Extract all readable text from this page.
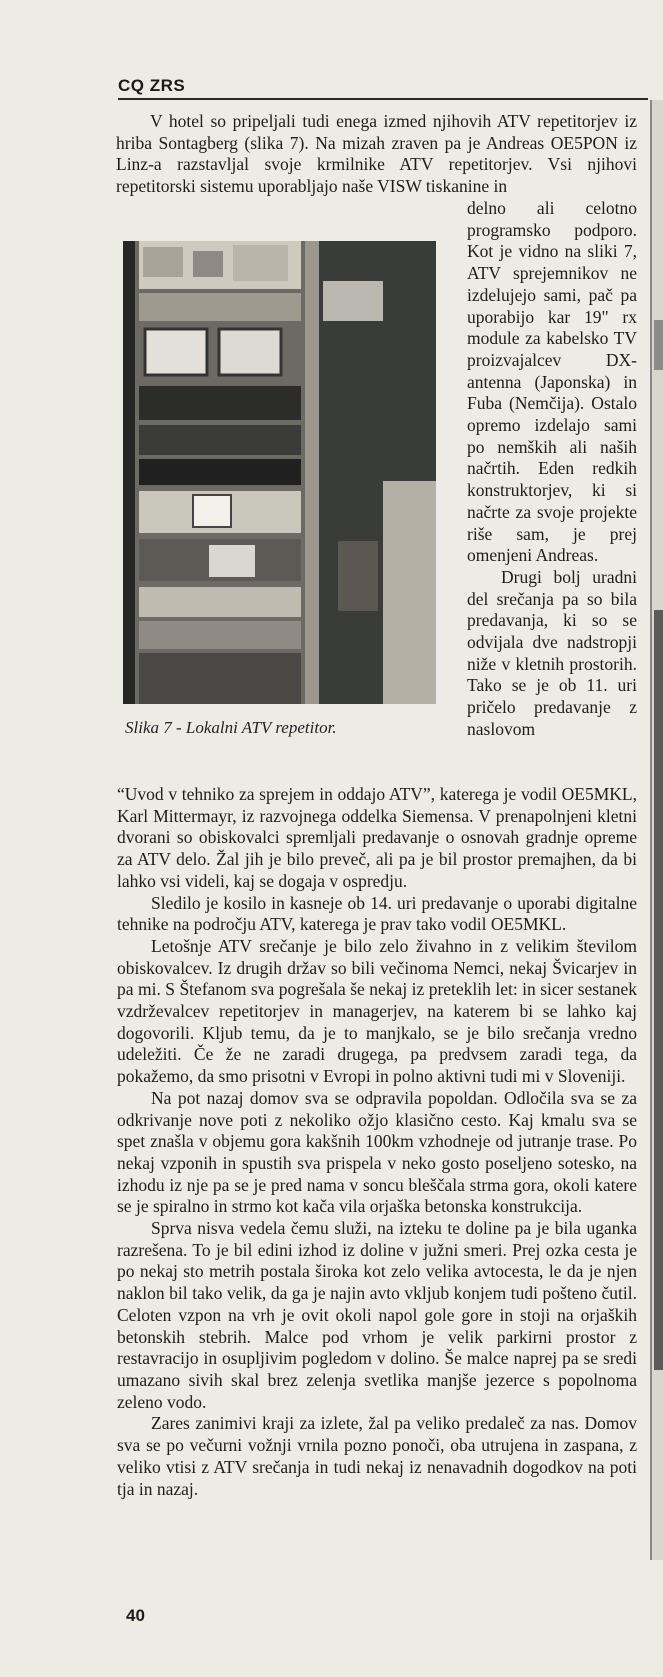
CQ ZRS

V hotel so pripeljali tudi enega izmed njihovih ATV repetitorjev iz hriba Sontagberg (slika 7). Na mizah zraven pa je Andreas OE5PON iz Linz-a razstavljal svoje krmilnike ATV repetitorjev. Vsi njihovi repetitorski sistemu uporabljajo naše VISW tiskanine in

delno ali celotno programsko podporo. Kot je vidno na sliki 7, ATV sprejemnikov ne izdelujejo sami, pač pa uporabijo kar 19" rx module za kabelsko TV proizvajalcev DX-antenna (Japonska) in Fuba (Nemčija). Ostalo opremo izdelajo sami po nemških ali naših načrtih. Eden redkih konstruktorjev, ki si načrte za svoje projekte riše sam, je prej omenjeni Andreas.

Drugi bolj uradni del srečanja pa so bila predavanja, ki so se odvijala dve nadstropji niže v kletnih prostorih. Tako se je ob 11. uri pričelo predavanje z naslovom

Slika 7 - Lokalni ATV repetitor.

“Uvod v tehniko za sprejem in oddajo ATV”, katerega je vodil OE5MKL, Karl Mittermayr, iz razvojnega oddelka Siemensa. V prenapolnjeni kletni dvorani so obiskovalci spremljali predavanje o osnovah gradnje opreme za ATV delo. Žal jih je bilo preveč, ali pa je bil prostor premajhen, da bi lahko vsi videli, kaj se dogaja v ospredju.

Sledilo je kosilo in kasneje ob 14. uri predavanje o uporabi digitalne tehnike na področju ATV, katerega je prav tako vodil OE5MKL.

Letošnje ATV srečanje je bilo zelo živahno in z velikim številom obiskovalcev. Iz drugih držav so bili večinoma Nemci, nekaj Švicarjev in pa mi. S Štefanom sva pogrešala še nekaj iz preteklih let: in sicer sestanek vzdrževalcev repetitorjev in managerjev, na katerem bi se lahko kaj dogovorili. Kljub temu, da je to manjkalo, se je bilo srečanja vredno udeležiti. Če že ne zaradi drugega, pa predvsem zaradi tega, da pokažemo, da smo prisotni v Evropi in polno aktivni tudi mi v Sloveniji.

Na pot nazaj domov sva se odpravila popoldan. Odločila sva se za odkrivanje nove poti z nekoliko ožjo klasično cesto. Kaj kmalu sva se spet znašla v objemu gora kakšnih 100km vzhodneje od jutranje trase. Po nekaj vzponih in spustih sva prispela v neko gosto poseljeno sotesko, na izhodu iz nje pa se je pred nama v soncu bleščala strma gora, okoli katere se je spiralno in strmo kot kača vila orjaška betonska konstrukcija.

Sprva nisva vedela čemu služi, na izteku te doline pa je bila uganka razrešena. To je bil edini izhod iz doline v južni smeri. Prej ozka cesta je po nekaj sto metrih postala široka kot zelo velika avtocesta, le da je njen naklon bil tako velik, da ga je najin avto vkljub konjem tudi pošteno čutil. Celoten vzpon na vrh je ovit okoli napol gole gore in stoji na orjaških betonskih stebrih. Malce pod vrhom je velik parkirni prostor z restavracijo in osupljivim pogledom v dolino. Še malce naprej pa se sredi umazano sivih skal brez zelenja svetlika manjše jezerce s popolnoma zeleno vodo.

Zares zanimivi kraji za izlete, žal pa veliko predaleč za nas. Domov sva se po večurni vožnji vrnila pozno ponoči, oba utrujena in zaspana, z veliko vtisi z ATV srečanja in tudi nekaj iz nenavadnih dogodkov na poti tja in nazaj.

40
